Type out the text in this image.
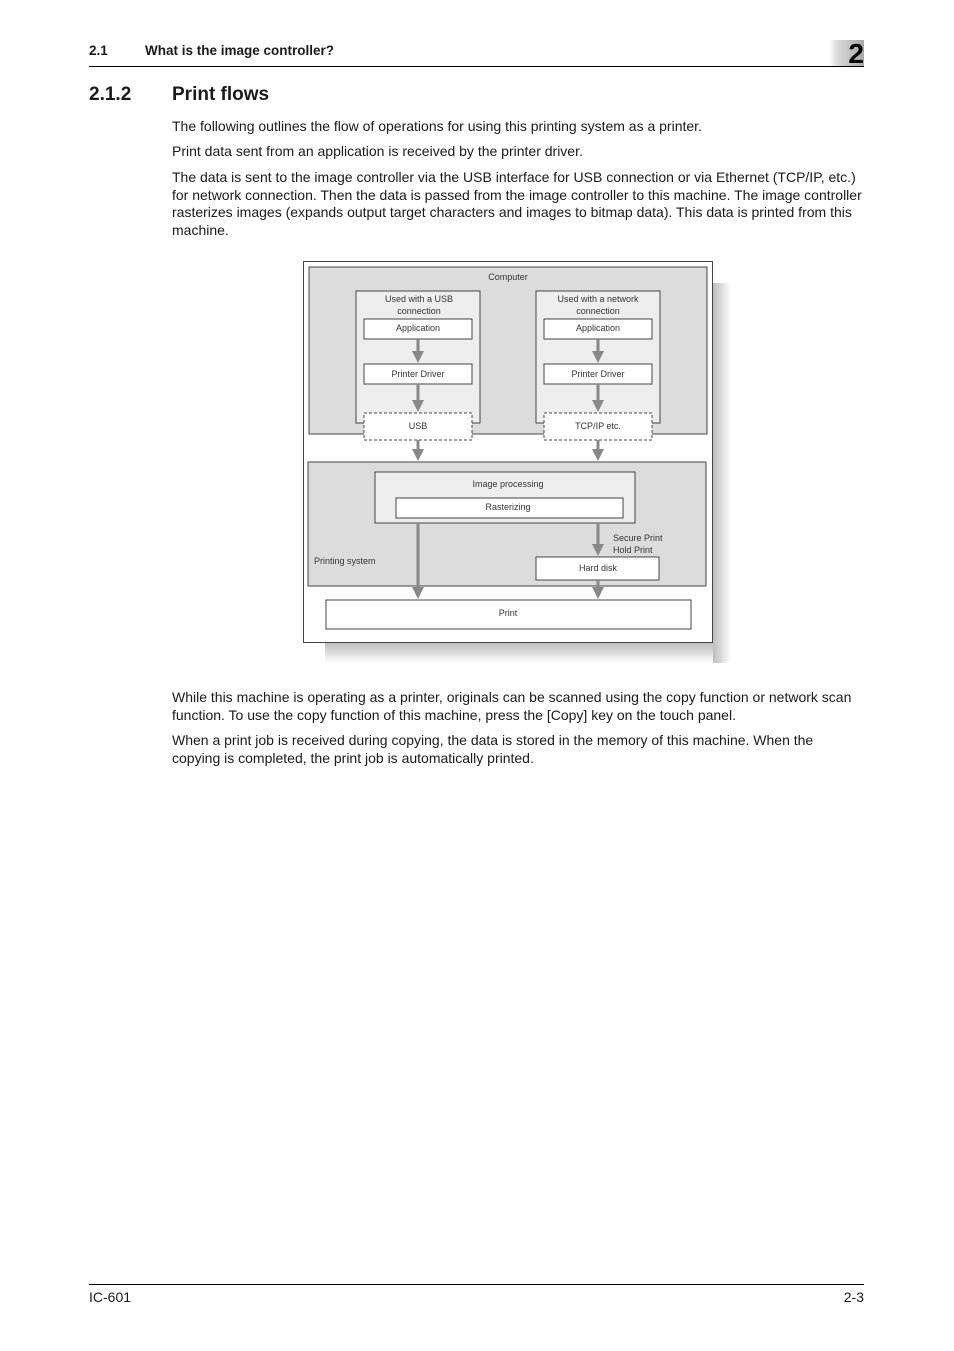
2.1	What is the image controller?	2
2.1.2 Print flows

The following outlines the flow of operations for using this printing system as a printer.

Print data sent from an application is received by the printer driver.

The data is sent to the image controller via the USB interface for USB connection or via Ethernet (TCP/IP, etc.) for network connection. Then the data is passed from the image controller to this machine. The image controller rasterizes images (expands output target characters and images to bitmap data). This data is printed from this machine.

Computer
Used with a USB
connection
Application
Printer Driver
USB
Used with a network
connection
Application
Printer Driver
TCP/IP etc.
Printing system
Image processing
Rasterizing
Secure Print
Hold Print
Hard disk
Print

While this machine is operating as a printer, originals can be scanned using the copy function or network scan function. To use the copy function of this machine, press the [Copy] key on the touch panel.

When a print job is received during copying, the data is stored in the memory of this machine. When the copying is completed, the print job is automatically printed.

IC-601	2-3
